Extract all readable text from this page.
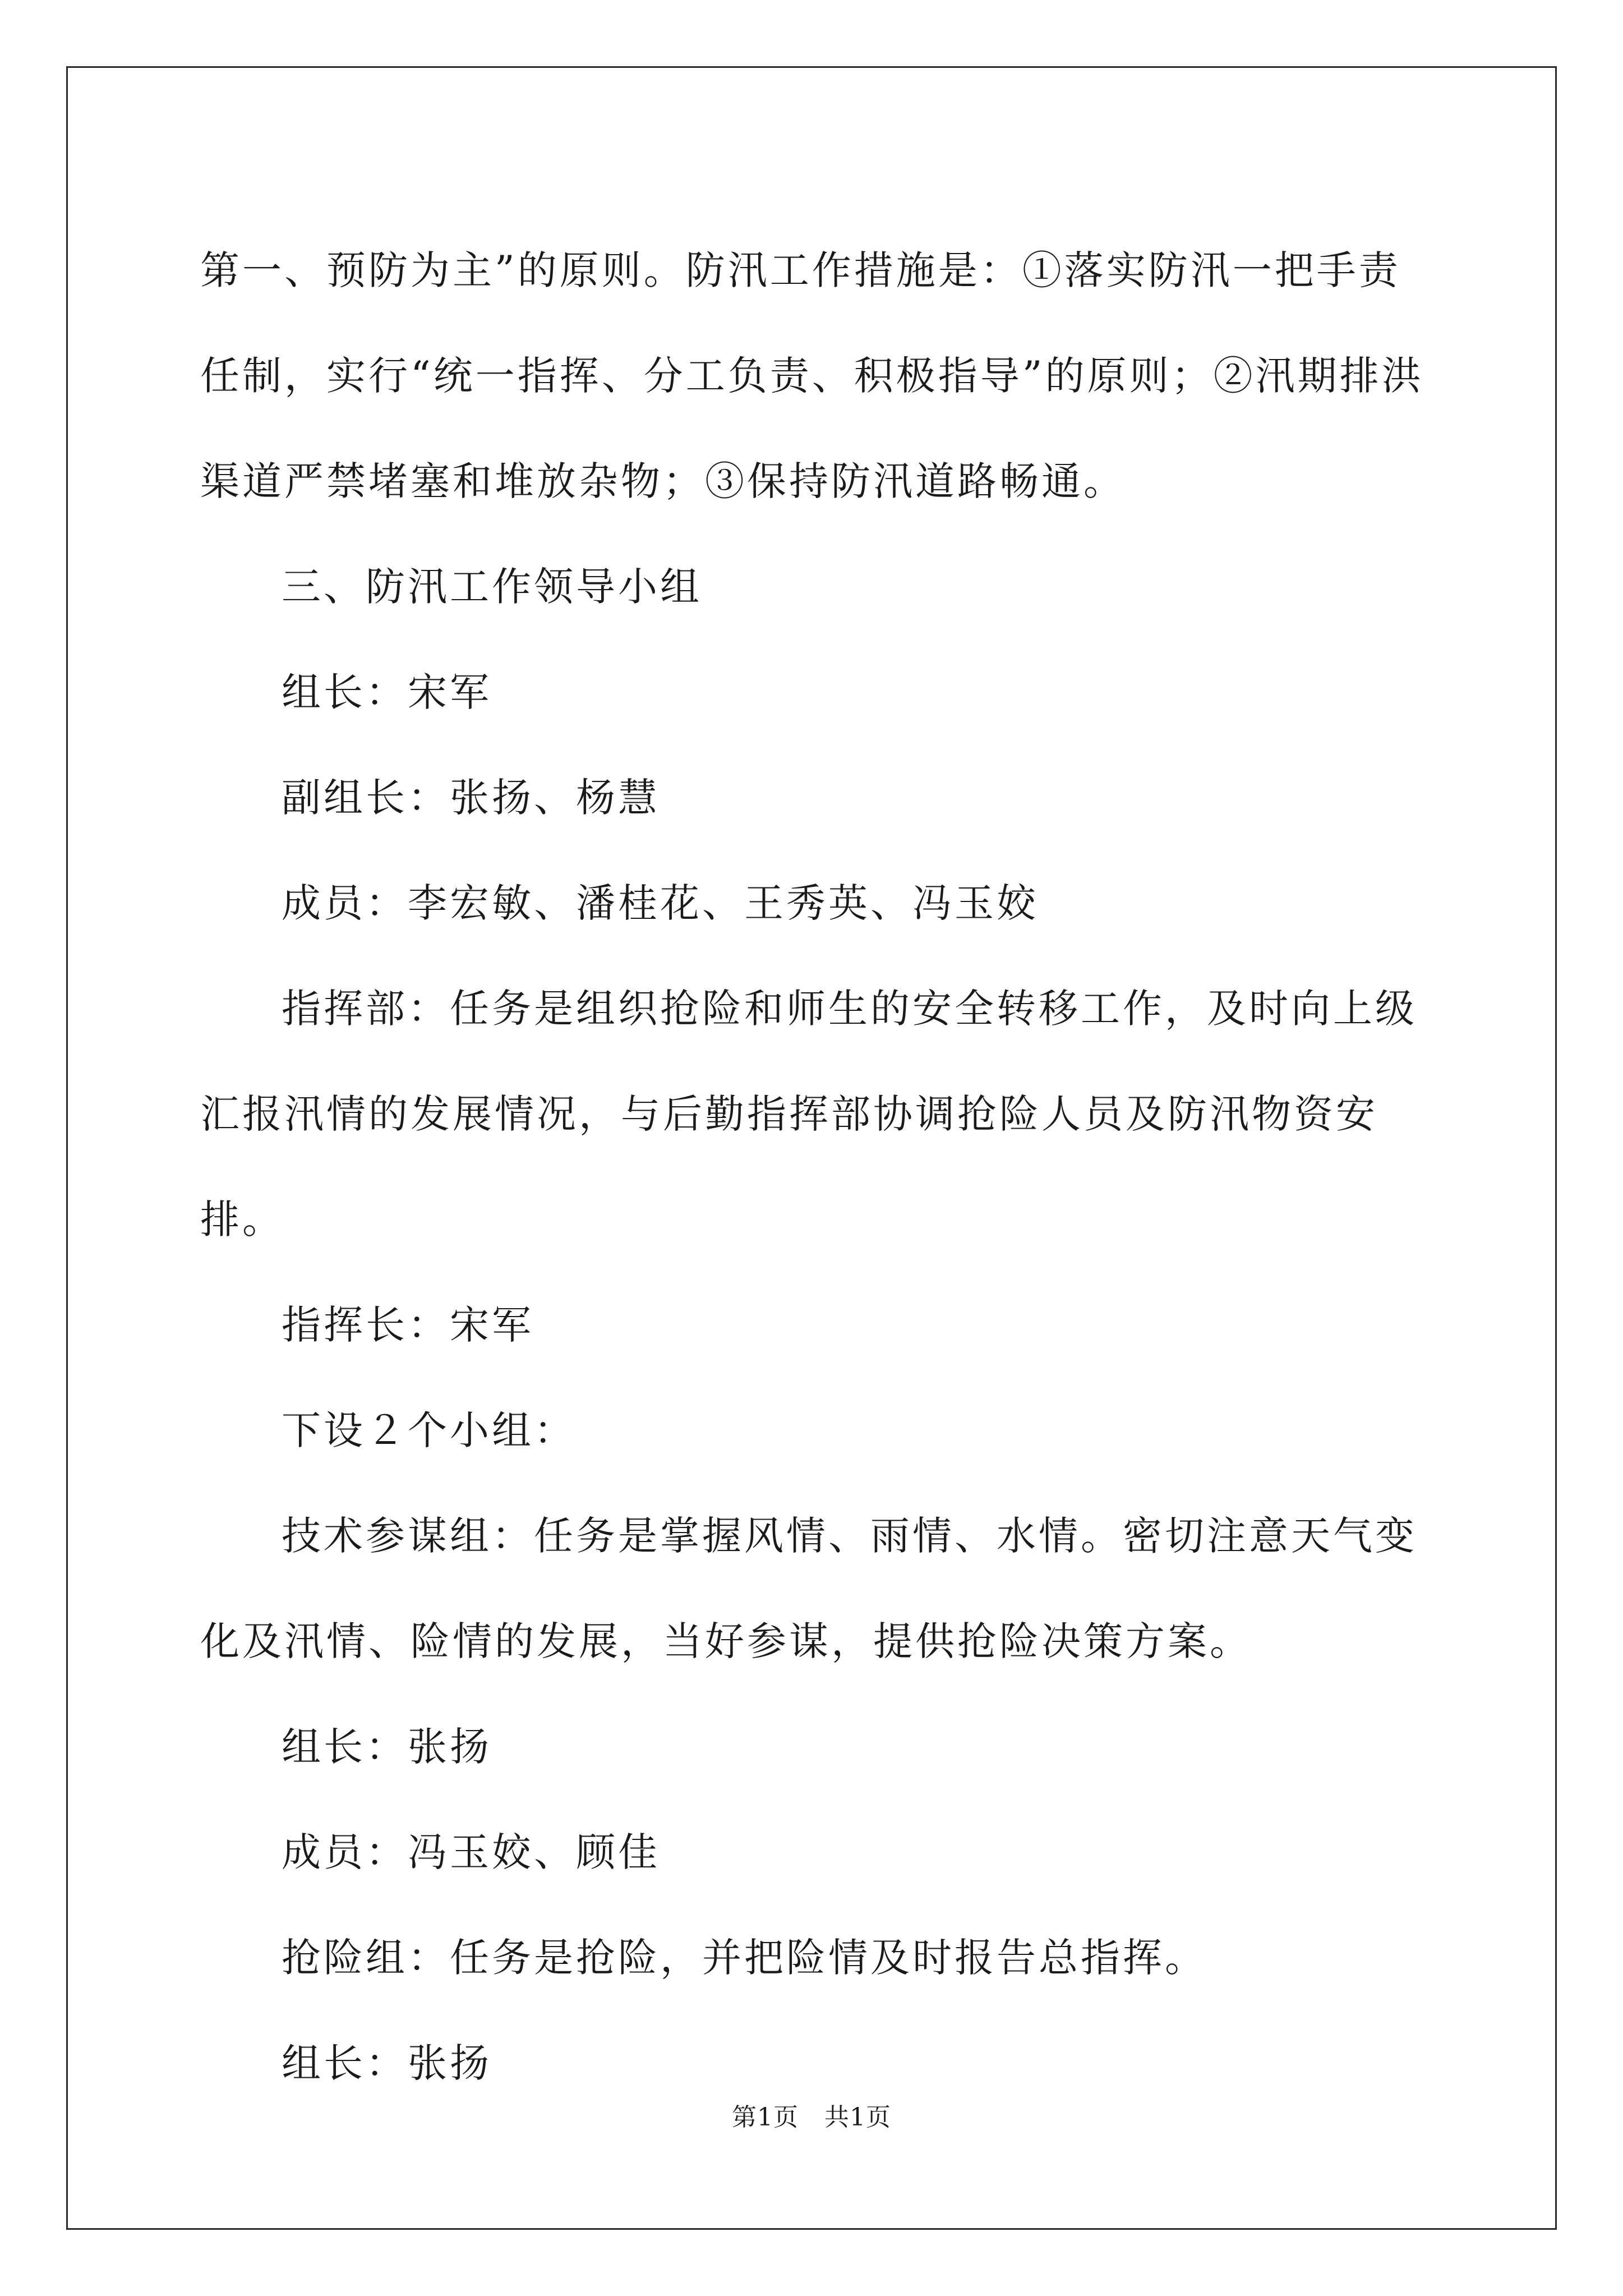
第一、预防为主”的原则。防汛工作措施是：①落实防汛一把手责任制，实行“统一指挥、分工负责、积极指导”的原则；②汛期排洪渠道严禁堵塞和堆放杂物；③保持防汛道路畅通。

三、防汛工作领导小组

组长：宋军

副组长：张扬、杨慧

成员：李宏敏、潘桂花、王秀英、冯玉姣

指挥部：任务是组织抢险和师生的安全转移工作，及时向上级汇报汛情的发展情况，与后勤指挥部协调抢险人员及防汛物资安排。

指挥长：宋军

下设２个小组：

技术参谋组：任务是掌握风情、雨情、水情。密切注意天气变化及汛情、险情的发展，当好参谋，提供抢险决策方案。

组长：张扬

成员：冯玉姣、顾佳

抢险组：任务是抢险，并把险情及时报告总指挥。

组长：张扬

第1页 共1页
